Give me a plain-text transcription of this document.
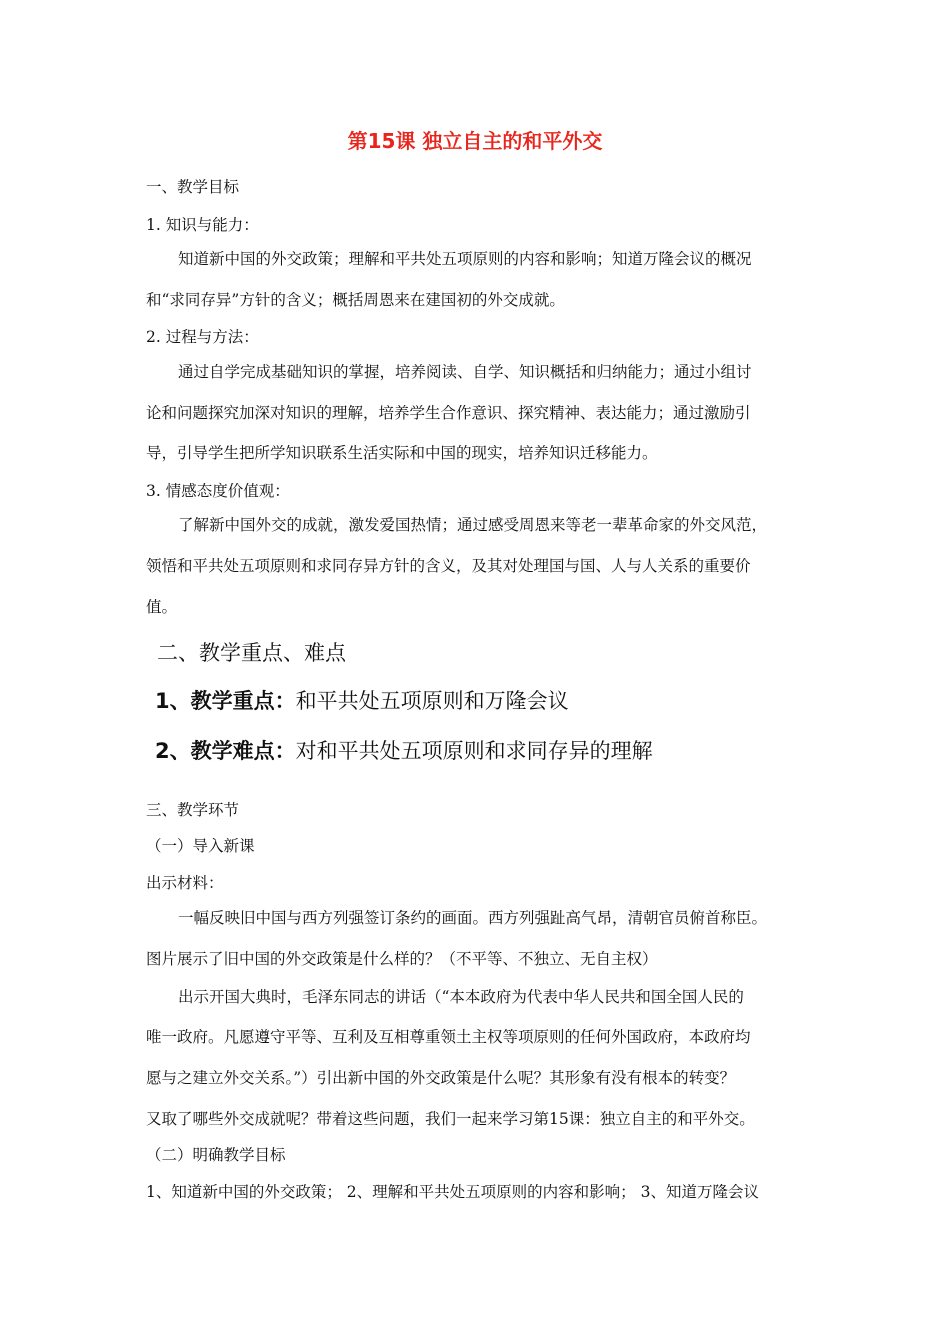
第15课 独立自主的和平外交
一、教学目标
1. 知识与能力：
知道新中国的外交政策；理解和平共处五项原则的内容和影响；知道万隆会议的概况
和“求同存异”方针的含义；概括周恩来在建国初的外交成就。
2. 过程与方法：
通过自学完成基础知识的掌握，培养阅读、自学、知识概括和归纳能力；通过小组讨
论和问题探究加深对知识的理解，培养学生合作意识、探究精神、表达能力；通过激励引
导，引导学生把所学知识联系生活实际和中国的现实，培养知识迁移能力。
3. 情感态度价值观：
了解新中国外交的成就，激发爱国热情；通过感受周恩来等老一辈革命家的外交风范，
领悟和平共处五项原则和求同存异方针的含义，及其对处理国与国、人与人关系的重要价
值。
二、教学重点、难点
1、教学重点：和平共处五项原则和万隆会议
2、教学难点：对和平共处五项原则和求同存异的理解
三、教学环节
（一）导入新课
出示材料：
一幅反映旧中国与西方列强签订条约的画面。西方列强趾高气昂，清朝官员俯首称臣。
图片展示了旧中国的外交政策是什么样的？（不平等、不独立、无自主权）
出示开国大典时，毛泽东同志的讲话（“本本政府为代表中华人民共和国全国人民的
唯一政府。凡愿遵守平等、互利及互相尊重领土主权等项原则的任何外国政府，本政府均
愿与之建立外交关系。”）引出新中国的外交政策是什么呢？其形象有没有根本的转变？
又取了哪些外交成就呢？带着这些问题，我们一起来学习第15课：独立自主的和平外交。
（二）明确教学目标
1、知道新中国的外交政策； 2、理解和平共处五项原则的内容和影响； 3、知道万隆会议
